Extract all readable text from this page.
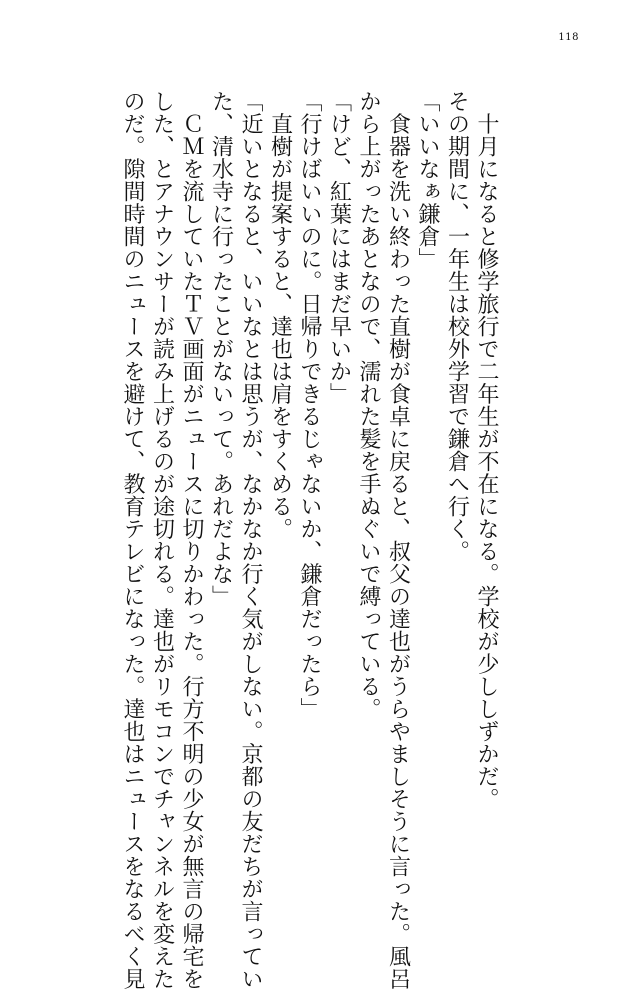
118
　十月になると修学旅行で二年生が不在になる。学校が少ししずかだ。
その期間に、一年生は校外学習で鎌倉へ行く。
「いいなぁ鎌倉」
　食器を洗い終わった直樹が食卓に戻ると、叔父の達也がうらやましそうに言った。風呂
から上がったあとなので、濡れた髪を手ぬぐいで縛っている。
「けど、紅葉にはまだ早いか」
「行けばいいのに。日帰りできるじゃないか、鎌倉だったら」
　直樹が提案すると、達也は肩をすくめる。
「近いとなると、いいなとは思うが、なかなか行く気がしない。京都の友だちが言ってい
た、清水寺に行ったことがないって。あれだよな」
　ＣＭを流していたＴＶ画面がニュースに切りかわった。行方不明の少女が無言の帰宅を
した、とアナウンサーが読み上げるのが途切れる。達也がリモコンでチャンネルを変えた
のだ。隙間時間のニュースを避けて、教育テレビになった。達也はニュースをなるべく見
